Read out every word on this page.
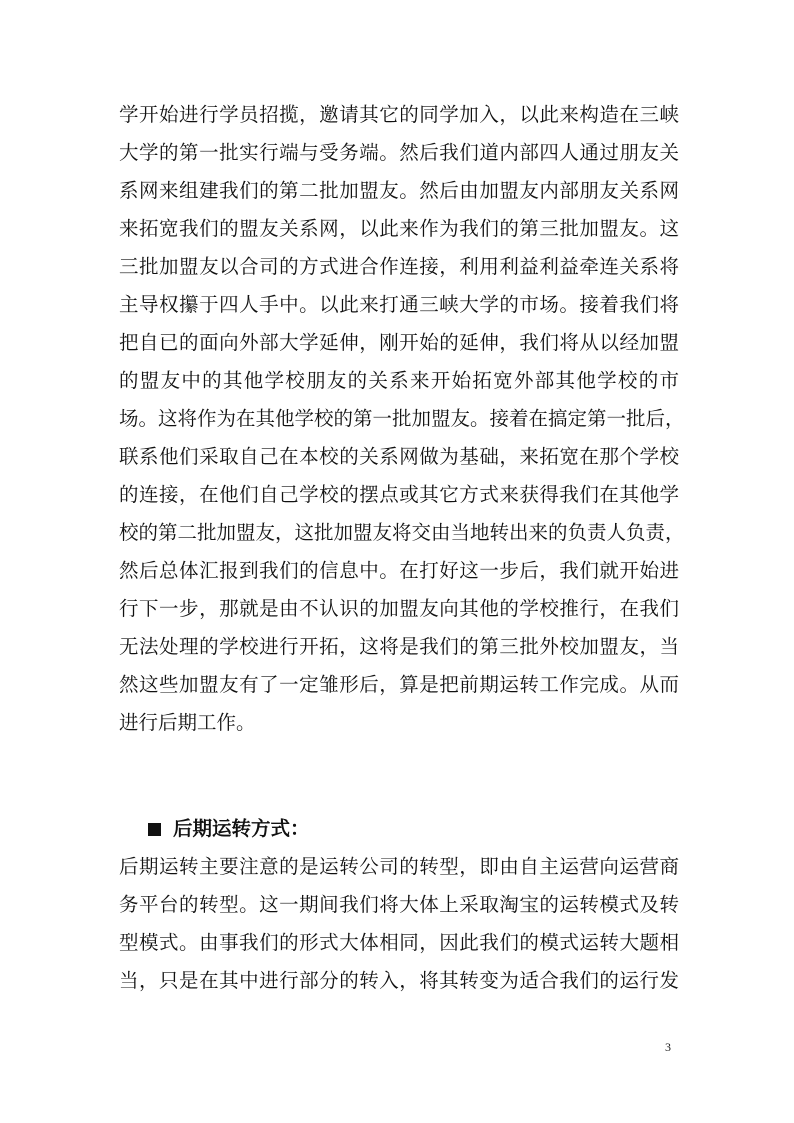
学开始进行学员招揽，邀请其它的同学加入，以此来构造在三峡
大学的第一批实行端与受务端。然后我们道内部四人通过朋友关
系网来组建我们的第二批加盟友。然后由加盟友内部朋友关系网
来拓宽我们的盟友关系网，以此来作为我们的第三批加盟友。这
三批加盟友以合司的方式进合作连接，利用利益利益牵连关系将
主导权攥于四人手中。以此来打通三峡大学的市场。接着我们将
把自已的面向外部大学延伸，刚开始的延伸，我们将从以经加盟
的盟友中的其他学校朋友的关系来开始拓宽外部其他学校的市
场。这将作为在其他学校的第一批加盟友。接着在搞定第一批后，
联系他们采取自己在本校的关系网做为基础，来拓宽在那个学校
的连接，在他们自己学校的摆点或其它方式来获得我们在其他学
校的第二批加盟友，这批加盟友将交由当地转出来的负责人负责，
然后总体汇报到我们的信息中。在打好这一步后，我们就开始进
行下一步，那就是由不认识的加盟友向其他的学校推行，在我们
无法处理的学校进行开拓，这将是我们的第三批外校加盟友，当
然这些加盟友有了一定雏形后，算是把前期运转工作完成。从而
进行后期工作。
后期运转方式：
后期运转主要注意的是运转公司的转型，即由自主运营向运营商
务平台的转型。这一期间我们将大体上采取淘宝的运转模式及转
型模式。由事我们的形式大体相同，因此我们的模式运转大题相
当，只是在其中进行部分的转入，将其转变为适合我们的运行发
3
